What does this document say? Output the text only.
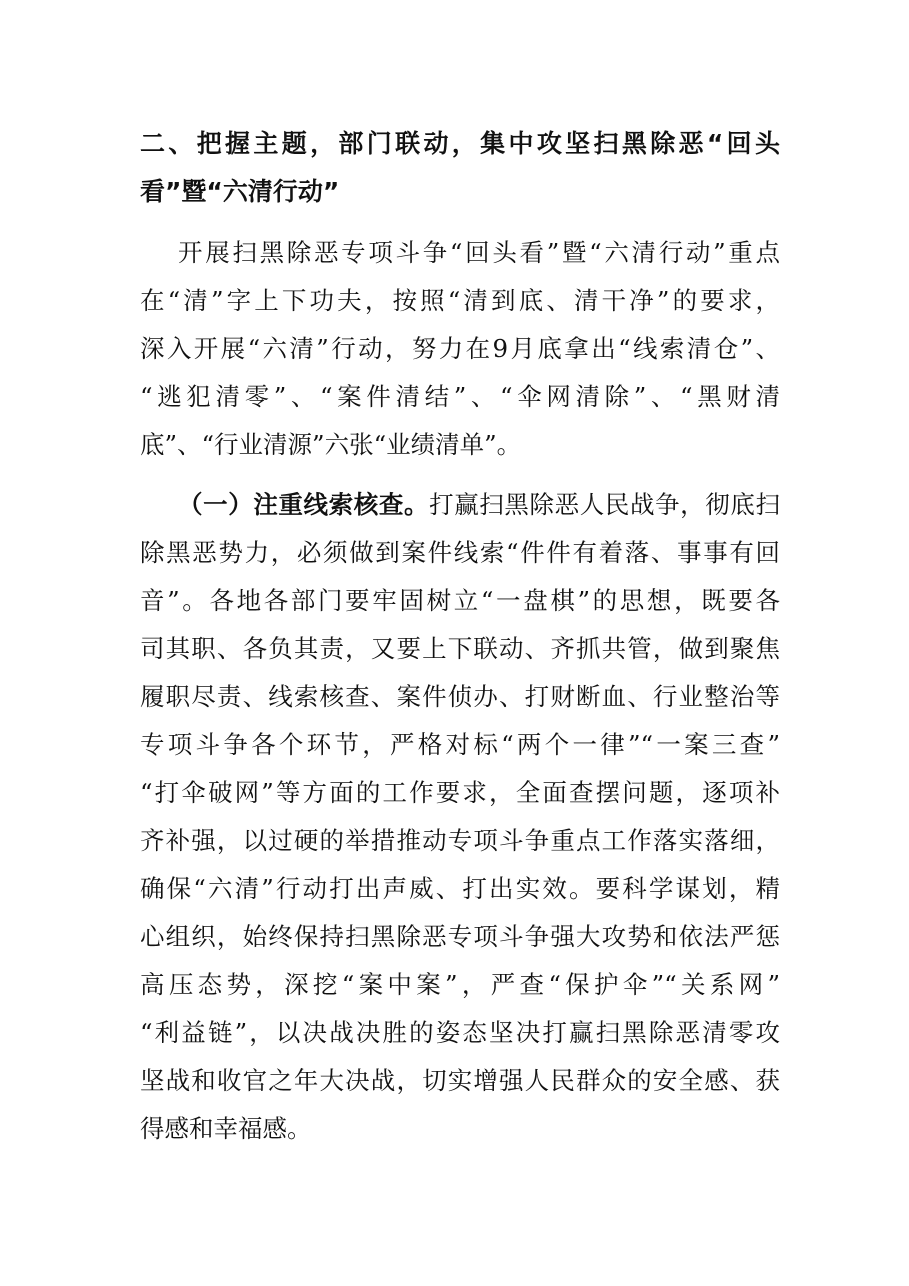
二、把握主题，部门联动，集中攻坚扫黑除恶“回头
看”暨“六清行动”
开展扫黑除恶专项斗争“回头看”暨“六清行动”重点
在“清”字上下功夫，按照“清到底、清干净”的要求，
深入开展“六清”行动，努力在9月底拿出“线索清仓”、
“逃犯清零”、“案件清结”、“伞网清除”、“黑财清
底”、“行业清源”六张“业绩清单”。
（一）注重线索核查。打赢扫黑除恶人民战争，彻底扫
除黑恶势力，必须做到案件线索“件件有着落、事事有回
音”。各地各部门要牢固树立“一盘棋”的思想，既要各
司其职、各负其责，又要上下联动、齐抓共管，做到聚焦
履职尽责、线索核查、案件侦办、打财断血、行业整治等
专项斗争各个环节，严格对标“两个一律”“一案三查”
“打伞破网”等方面的工作要求，全面查摆问题，逐项补
齐补强，以过硬的举措推动专项斗争重点工作落实落细，
确保“六清”行动打出声威、打出实效。要科学谋划，精
心组织，始终保持扫黑除恶专项斗争强大攻势和依法严惩
高压态势，深挖“案中案”，严查“保护伞”“关系网”
“利益链”，以决战决胜的姿态坚决打赢扫黑除恶清零攻
坚战和收官之年大决战，切实增强人民群众的安全感、获
得感和幸福感。
